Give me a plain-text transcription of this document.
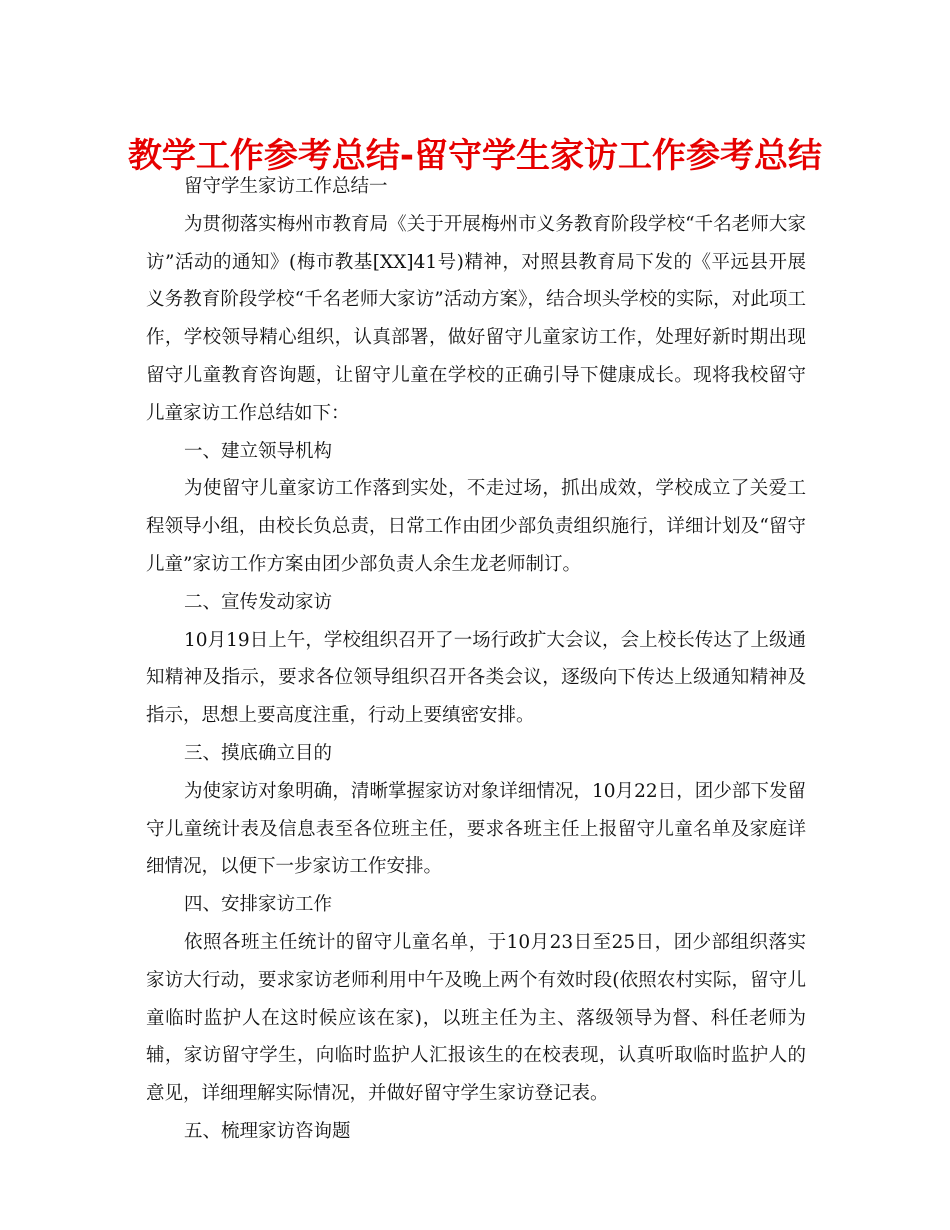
教学工作参考总结-留守学生家访工作参考总结

留守学生家访工作总结一

为贯彻落实梅州市教育局《关于开展梅州市义务教育阶段学校“千名老师大家访”活动的通知》(梅市教基[XX]41号)精神，对照县教育局下发的《平远县开展义务教育阶段学校“千名老师大家访”活动方案》，结合坝头学校的实际，对此项工作，学校领导精心组织，认真部署，做好留守儿童家访工作，处理好新时期出现留守儿童教育咨询题，让留守儿童在学校的正确引导下健康成长。现将我校留守儿童家访工作总结如下：

一、建立领导机构

为使留守儿童家访工作落到实处，不走过场，抓出成效，学校成立了关爱工程领导小组，由校长负总责，日常工作由团少部负责组织施行，详细计划及“留守儿童”家访工作方案由团少部负责人余生龙老师制订。

二、宣传发动家访

10月19日上午，学校组织召开了一场行政扩大会议，会上校长传达了上级通知精神及指示，要求各位领导组织召开各类会议，逐级向下传达上级通知精神及指示，思想上要高度注重，行动上要缜密安排。

三、摸底确立目的

为使家访对象明确，清晰掌握家访对象详细情况，10月22日，团少部下发留守儿童统计表及信息表至各位班主任，要求各班主任上报留守儿童名单及家庭详细情况，以便下一步家访工作安排。

四、安排家访工作

依照各班主任统计的留守儿童名单，于10月23日至25日，团少部组织落实家访大行动，要求家访老师利用中午及晚上两个有效时段(依照农村实际，留守儿童临时监护人在这时候应该在家)，以班主任为主、落级领导为督、科任老师为辅，家访留守学生，向临时监护人汇报该生的在校表现，认真听取临时监护人的意见，详细理解实际情况，并做好留守学生家访登记表。

五、梳理家访咨询题
